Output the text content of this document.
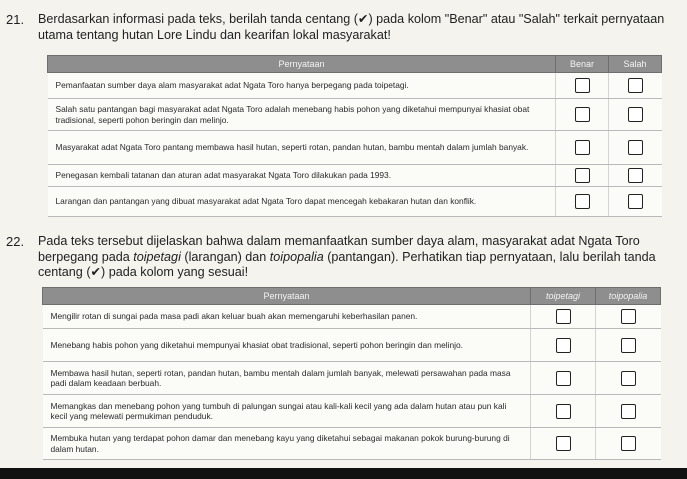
21. Berdasarkan informasi pada teks, berilah tanda centang (✔) pada kolom "Benar" atau "Salah" terkait pernyataan utama tentang hutan Lore Lindu dan kearifan lokal masyarakat!
Pernyataan	Benar	Salah
Pemanfaatan sumber daya alam masyarakat adat Ngata Toro hanya berpegang pada toipetagi.		
Salah satu pantangan bagi masyarakat adat Ngata Toro adalah menebang habis pohon yang diketahui mempunyai khasiat obat tradisional, seperti pohon beringin dan melinjo.		
Masyarakat adat Ngata Toro pantang membawa hasil hutan, seperti rotan, pandan hutan, bambu mentah dalam jumlah banyak.		
Penegasan kembali tatanan dan aturan adat masyarakat Ngata Toro dilakukan pada 1993.		
Larangan dan pantangan yang dibuat masyarakat adat Ngata Toro dapat mencegah kebakaran hutan dan konflik.		
22. Pada teks tersebut dijelaskan bahwa dalam memanfaatkan sumber daya alam, masyarakat adat Ngata Toro berpegang pada toipetagi (larangan) dan toipopalia (pantangan). Perhatikan tiap pernyataan, lalu berilah tanda centang (✔) pada kolom yang sesuai!
Pernyataan	toipetagi	toipopalia
Mengilir rotan di sungai pada masa padi akan keluar buah akan memengaruhi keberhasilan panen.		
Menebang habis pohon yang diketahui mempunyai khasiat obat tradisional, seperti pohon beringin dan melinjo.		
Membawa hasil hutan, seperti rotan, pandan hutan, bambu mentah dalam jumlah banyak, melewati persawahan pada masa padi dalam keadaan berbuah.		
Memangkas dan menebang pohon yang tumbuh di palungan sungai atau kali-kali kecil yang ada dalam hutan atau pun kali kecil yang melewati permukiman penduduk.		
Membuka hutan yang terdapat pohon damar dan menebang kayu yang diketahui sebagai makanan pokok burung-burung di dalam hutan.		
